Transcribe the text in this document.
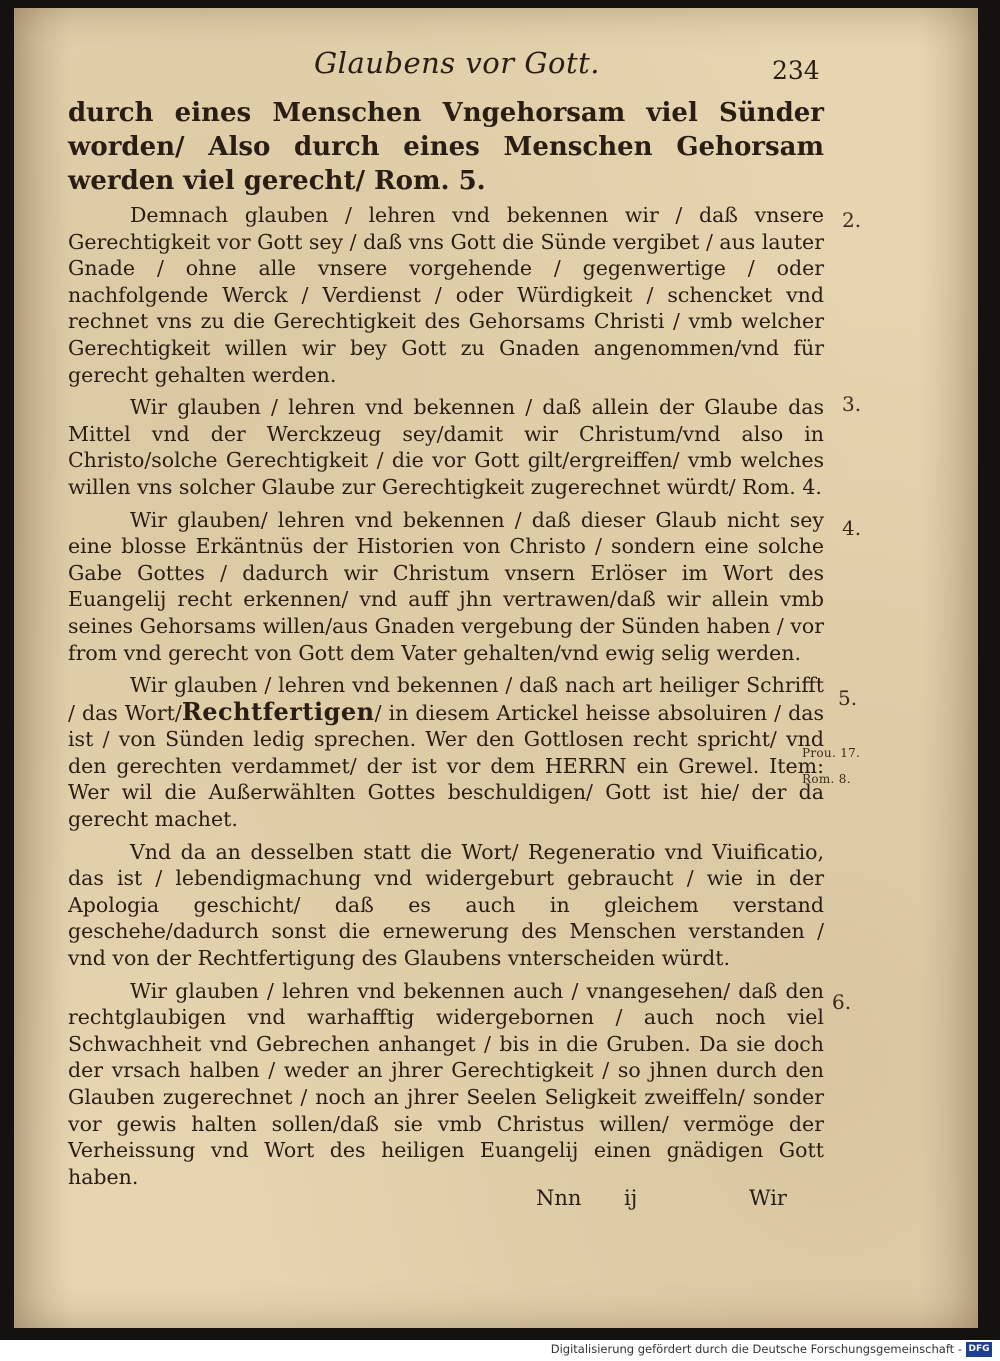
Glaubens vor Gott.	234

durch eines Menschen Vngehorsam viel Sünder worden/ Also durch eines Menschen Gehorsam werden viel gerecht/ Rom. 5.

Demnach glauben / lehren vnd bekennen wir / daß vnsere Gerechtigkeit vor Gott sey / daß vns Gott die Sünde vergibet / aus lauter Gnade / ohne alle vnsere vorgehende / gegenwertige / oder nachfolgende Werck / Verdienst / oder Würdigkeit / schencket vnd rechnet vns zu die Gerechtigkeit des Gehorsams Christi / vmb welcher Gerechtigkeit willen wir bey Gott zu Gnaden angenommen/vnd für gerecht gehalten werden.

Wir glauben / lehren vnd bekennen / daß allein der Glaube das Mittel vnd der Werckzeug sey/damit wir Christum/vnd also in Christo/solche Gerechtigkeit / die vor Gott gilt/ergreiffen/ vmb welches willen vns solcher Glaube zur Gerechtigkeit zugerechnet würdt/ Rom. 4.

Wir glauben/ lehren vnd bekennen / daß dieser Glaub nicht sey eine blosse Erkäntnüs der Historien von Christo / sondern eine solche Gabe Gottes / dadurch wir Christum vnsern Erlöser im Wort des Euangelij recht erkennen/ vnd auff jhn vertrawen/daß wir allein vmb seines Gehorsams willen/aus Gnaden vergebung der Sünden haben / vor from vnd gerecht von Gott dem Vater gehalten/vnd ewig selig werden.

Wir glauben / lehren vnd bekennen / daß nach art heiliger Schrifft / das Wort/Rechtfertigen/ in diesem Artickel heisse absoluiren / das ist / von Sünden ledig sprechen. Wer den Gottlosen recht spricht/ vnd den gerechten verdammet/ der ist vor dem HERRN ein Grewel. Item: Wer wil die Außerwählten Gottes beschuldigen/ Gott ist hie/ der da gerecht machet.

Vnd da an desselben statt die Wort/ Regeneratio vnd Viuificatio, das ist / lebendigmachung vnd widergeburt gebraucht / wie in der Apologia geschicht/ daß es auch in gleichem verstand geschehe/dadurch sonst die ernewerung des Menschen verstanden / vnd von der Rechtfertigung des Glaubens vnterscheiden würdt.

Wir glauben / lehren vnd bekennen auch / vnangesehen/ daß den rechtglaubigen vnd warhafftig widergebornen / auch noch viel Schwachheit vnd Gebrechen anhanget / bis in die Gruben. Da sie doch der vrsach halben / weder an jhrer Gerechtigkeit / so jhnen durch den Glauben zugerechnet / noch an jhrer Seelen Seligkeit zweiffeln/ sonder vor gewis halten sollen/daß sie vmb Christus willen/ vermöge der Verheissung vnd Wort des heiligen Euangelij einen gnädigen Gott haben.

2.
3.
4.
5.
Prou. 17.
Rom. 8.
6.
Nnn ij	Wir
Digitalisierung gefördert durch die Deutsche Forschungsgemeinschaft - DFG
